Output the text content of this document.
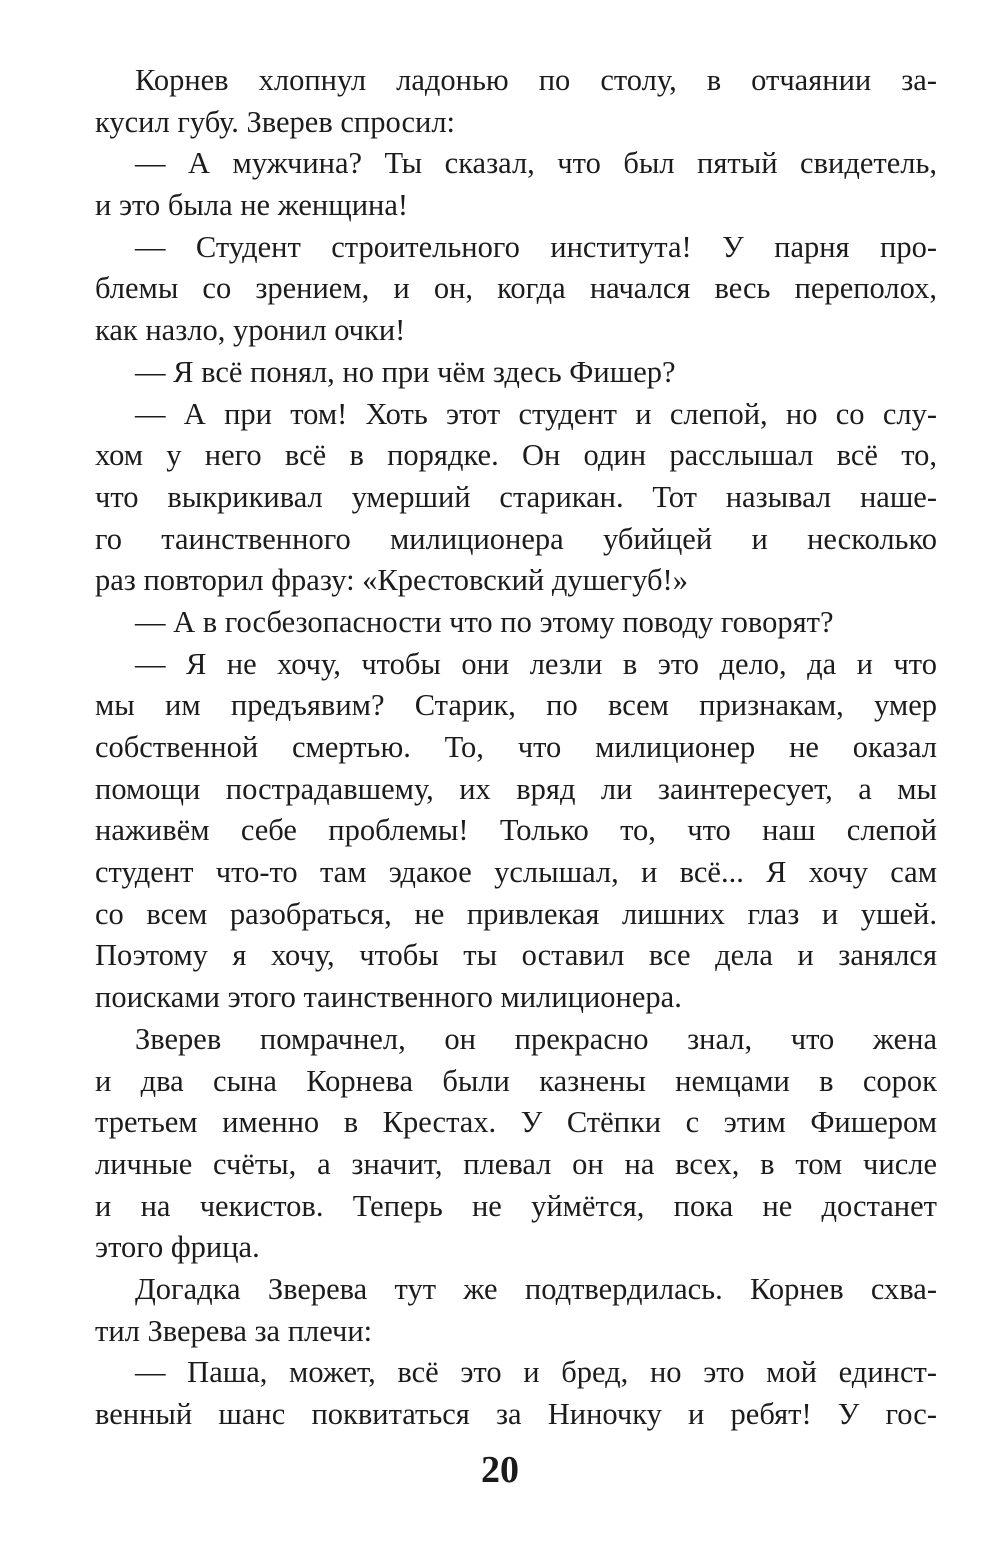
Корнев хлопнул ладонью по столу, в отчаянии за-
кусил губу. Зверев спросил:
— А мужчина? Ты сказал, что был пятый свидетель,
и это была не женщина!
— Студент строительного института! У парня про-
блемы со зрением, и он, когда начался весь переполох,
как назло, уронил очки!
— Я всё понял, но при чём здесь Фишер?
— А при том! Хоть этот студент и слепой, но со слу-
хом у него всё в порядке. Он один расслышал всё то,
что выкрикивал умерший старикан. Тот называл наше-
го таинственного милиционера убийцей и несколько
раз повторил фразу: «Крестовский душегуб!»
— А в госбезопасности что по этому поводу говорят?
— Я не хочу, чтобы они лезли в это дело, да и что
мы им предъявим? Старик, по всем признакам, умер
собственной смертью. То, что милиционер не оказал
помощи пострадавшему, их вряд ли заинтересует, а мы
наживём себе проблемы! Только то, что наш слепой
студент что-то там эдакое услышал, и всё... Я хочу сам
со всем разобраться, не привлекая лишних глаз и ушей.
Поэтому я хочу, чтобы ты оставил все дела и занялся
поисками этого таинственного милиционера.
Зверев помрачнел, он прекрасно знал, что жена
и два сына Корнева были казнены немцами в сорок
третьем именно в Крестах. У Стёпки с этим Фишером
личные счёты, а значит, плевал он на всех, в том числе
и на чекистов. Теперь не уймётся, пока не достанет
этого фрица.
Догадка Зверева тут же подтвердилась. Корнев схва-
тил Зверева за плечи:
— Паша, может, всё это и бред, но это мой единст-
венный шанс поквитаться за Ниночку и ребят! У гос-
20
